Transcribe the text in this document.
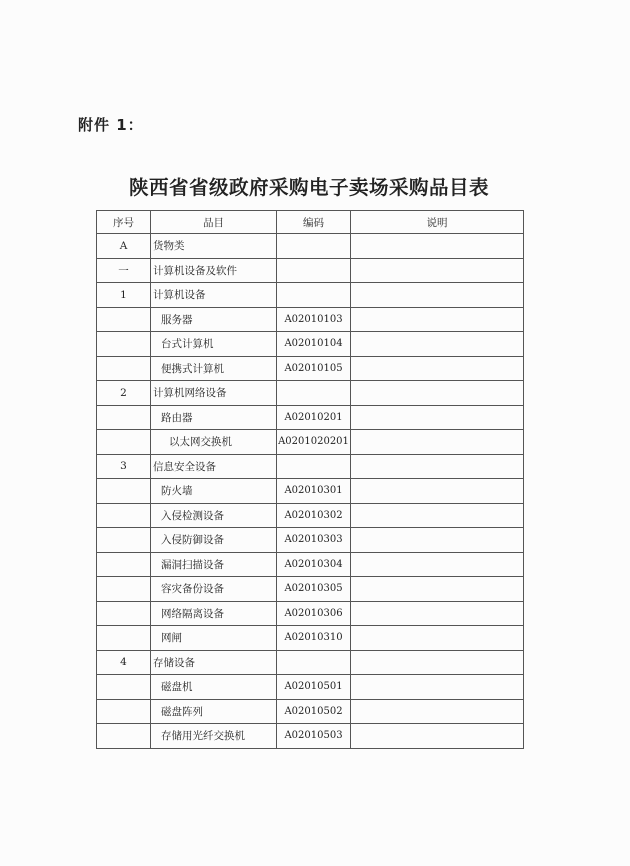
附件 1：
陕西省省级政府采购电子卖场采购品目表
序号	品目	编码	说明
A	货物类		
一	计算机设备及软件		
1	计算机设备		
	服务器	A02010103	
	台式计算机	A02010104	
	便携式计算机	A02010105	
2	计算机网络设备		
	路由器	A02010201	
	以太网交换机	A0201020201	
3	信息安全设备		
	防火墙	A02010301	
	入侵检测设备	A02010302	
	入侵防御设备	A02010303	
	漏洞扫描设备	A02010304	
	容灾备份设备	A02010305	
	网络隔离设备	A02010306	
	网闸	A02010310	
4	存储设备		
	磁盘机	A02010501	
	磁盘阵列	A02010502	
	存储用光纤交换机	A02010503	
